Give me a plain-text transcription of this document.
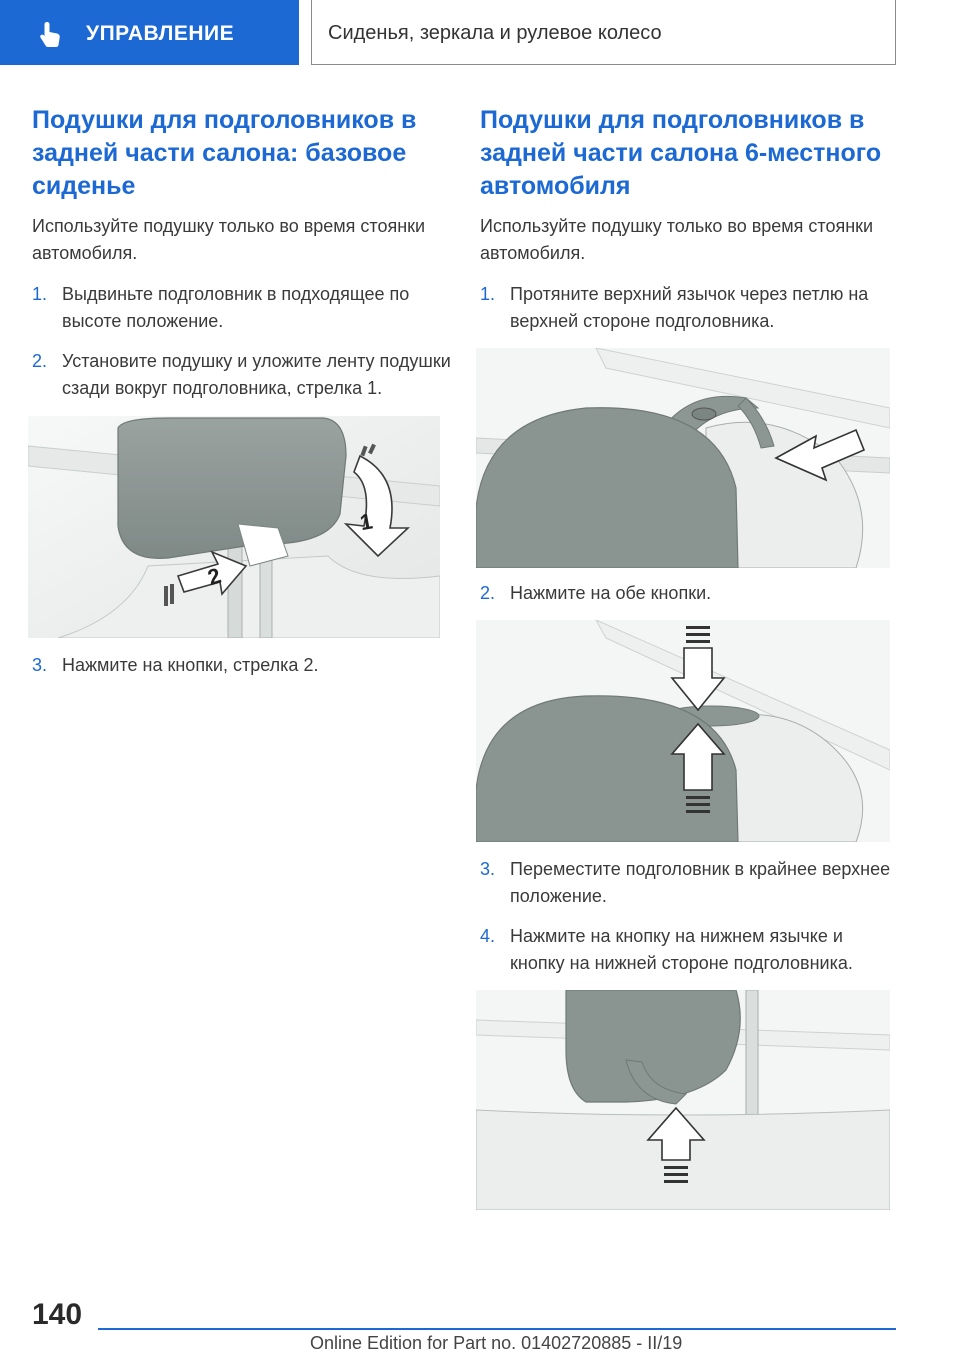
УПРАВЛЕНИЕ	Сиденья, зеркала и рулевое колесо
Подушки для подголовников в задней части салона: базовое сиденье

Используйте подушку только во время стоянки автомобиля.

1. Выдвиньте подголовник в подходящее по высоте положение.
2. Установите подушку и уложите ленту подушки сзади вокруг подголовника, стрелка 1.
1
2
3. Нажмите на кнопки, стрелка 2.
Подушки для подголовников в задней части салона 6-местного автомобиля

Используйте подушку только во время стоянки автомобиля.

1. Протяните верхний язычок через петлю на верхней стороне подголовника.
2. Нажмите на обе кнопки.
3. Переместите подголовник в крайнее верхнее положение.
4. Нажмите на кнопку на нижнем язычке и кнопку на нижней стороне подголовника.
140
Online Edition for Part no. 01402720885 - II/19
